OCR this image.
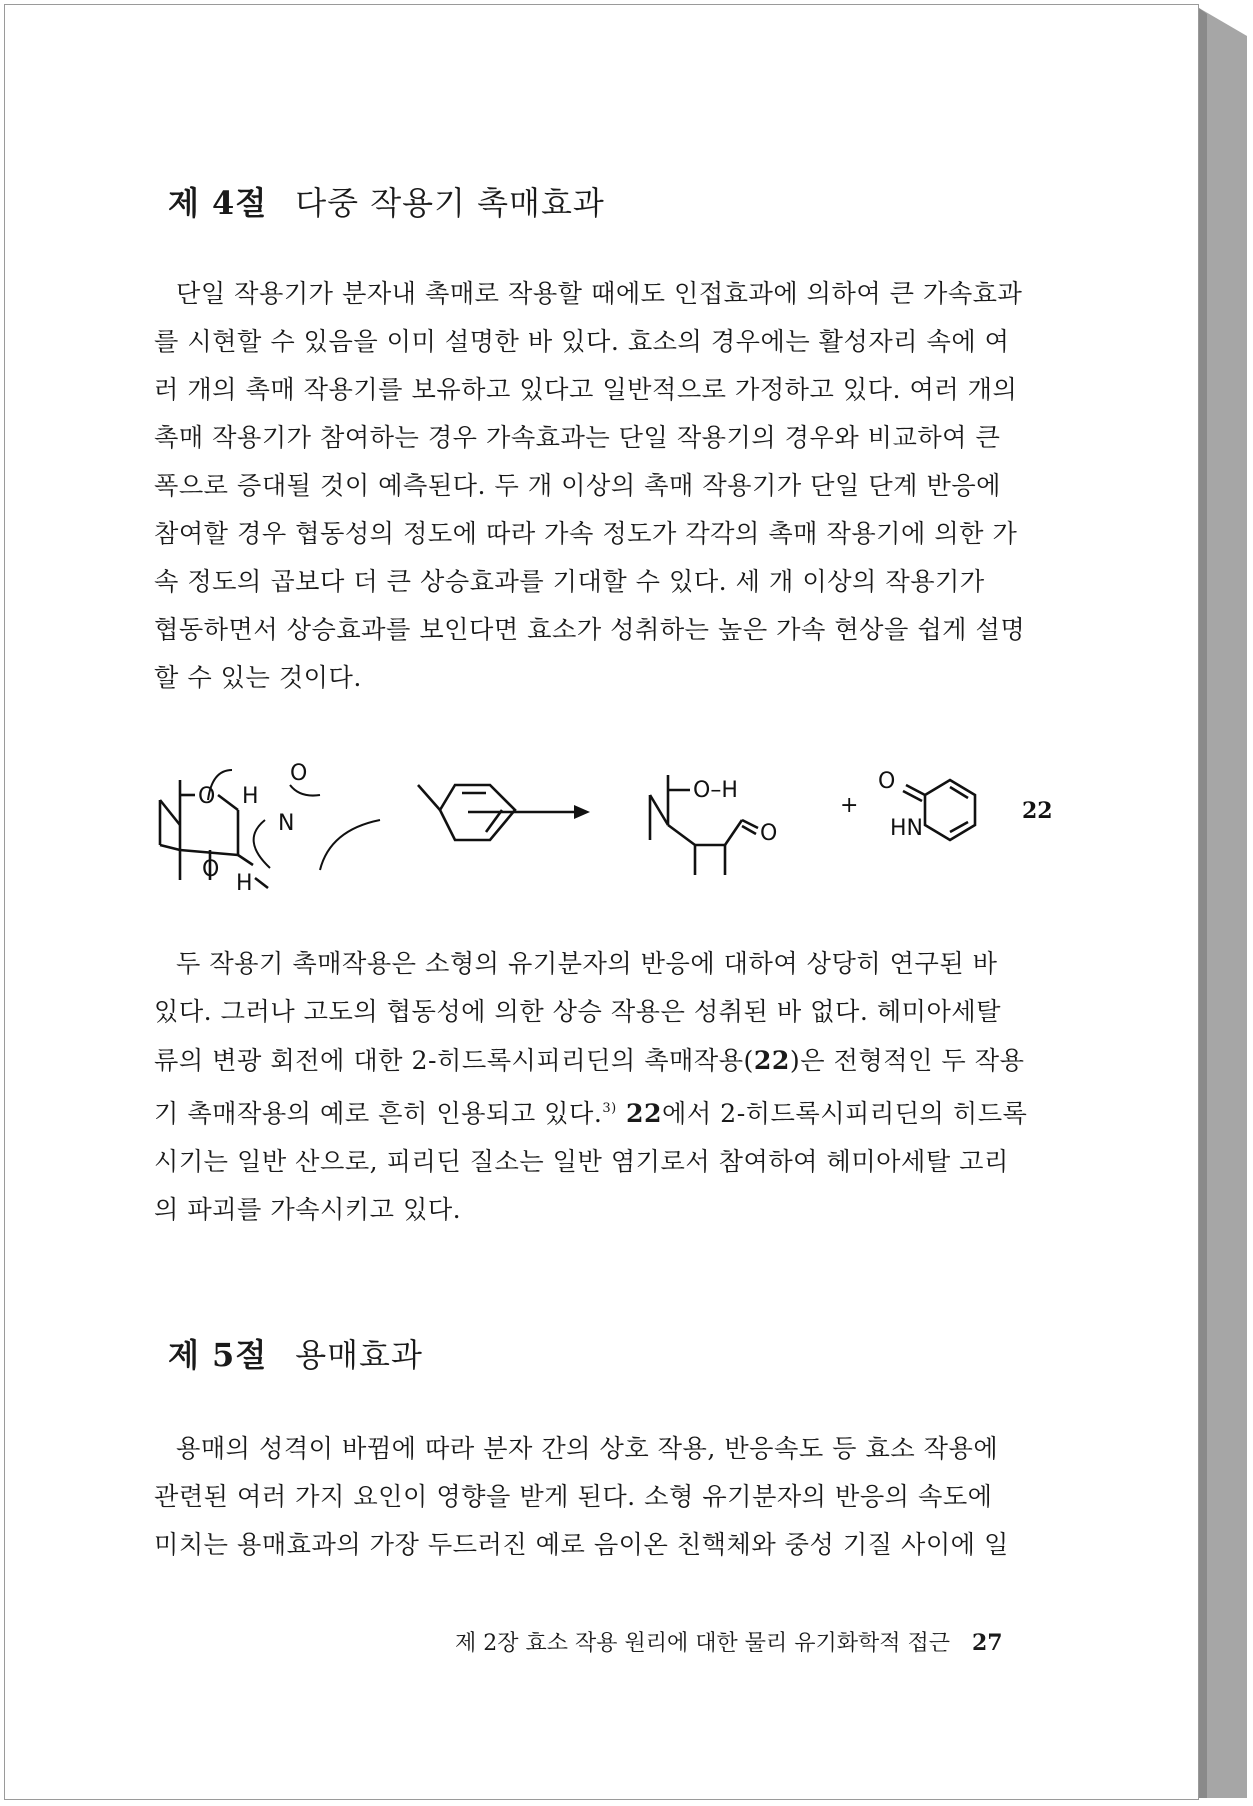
제 4절 다중 작용기 촉매효과
단일 작용기가 분자내 촉매로 작용할 때에도 인접효과에 의하여 큰 가속효과
를 시현할 수 있음을 이미 설명한 바 있다. 효소의 경우에는 활성자리 속에 여
러 개의 촉매 작용기를 보유하고 있다고 일반적으로 가정하고 있다. 여러 개의
촉매 작용기가 참여하는 경우 가속효과는 단일 작용기의 경우와 비교하여 큰
폭으로 증대될 것이 예측된다. 두 개 이상의 촉매 작용기가 단일 단계 반응에
참여할 경우 협동성의 정도에 따라 가속 정도가 각각의 촉매 작용기에 의한 가
속 정도의 곱보다 더 큰 상승효과를 기대할 수 있다. 세 개 이상의 작용기가
협동하면서 상승효과를 보인다면 효소가 성취하는 높은 가속 현상을 쉽게 설명
할 수 있는 것이다.
O H
O
N
O
H
O–H
O
+
O
HN
22
두 작용기 촉매작용은 소형의 유기분자의 반응에 대하여 상당히 연구된 바
있다. 그러나 고도의 협동성에 의한 상승 작용은 성취된 바 없다. 헤미아세탈
류의 변광 회전에 대한 2-히드록시피리딘의 촉매작용(22)은 전형적인 두 작용
기 촉매작용의 예로 흔히 인용되고 있다.$^{3)}$ 22에서 2-히드록시피리딘의 히드록
시기는 일반 산으로, 피리딘 질소는 일반 염기로서 참여하여 헤미아세탈 고리
의 파괴를 가속시키고 있다.
제 5절 용매효과
용매의 성격이 바뀜에 따라 분자 간의 상호 작용, 반응속도 등 효소 작용에
관련된 여러 가지 요인이 영향을 받게 된다. 소형 유기분자의 반응의 속도에
미치는 용매효과의 가장 두드러진 예로 음이온 친핵체와 중성 기질 사이에 일
제 2장 효소 작용 원리에 대한 물리 유기화학적 접근 27
